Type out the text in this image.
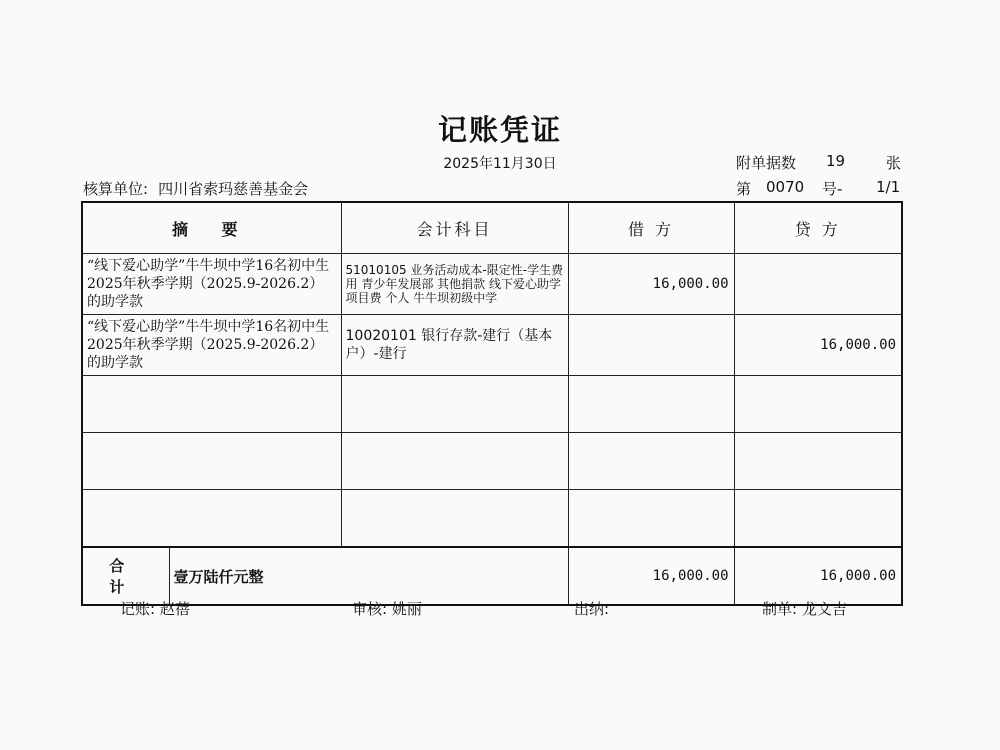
记账凭证
2025年11月30日	附单据数 19	张
核算单位: 四川省索玛慈善基金会	第 0070 号- 1/1
摘 要		会计科目	借 方	贷 方
“线下爱心助学”牛牛坝中学16名初中生2025年秋季学期（2025.9-2026.2）的助学款		51010105 业务活动成本-限定性-学生费用 青少年发展部 其他捐款 线下爱心助学 项目费 个人 牛牛坝初级中学	16,000.00	
“线下爱心助学”牛牛坝中学16名初中生2025年秋季学期（2025.9-2026.2）的助学款		10020101 银行存款-建行（基本户）-建行		16,000.00

合 计	壹万陆仟元整		16,000.00	16,000.00
记账: 赵蓓	审核: 姚丽	出纳:	制单: 龙文吉
